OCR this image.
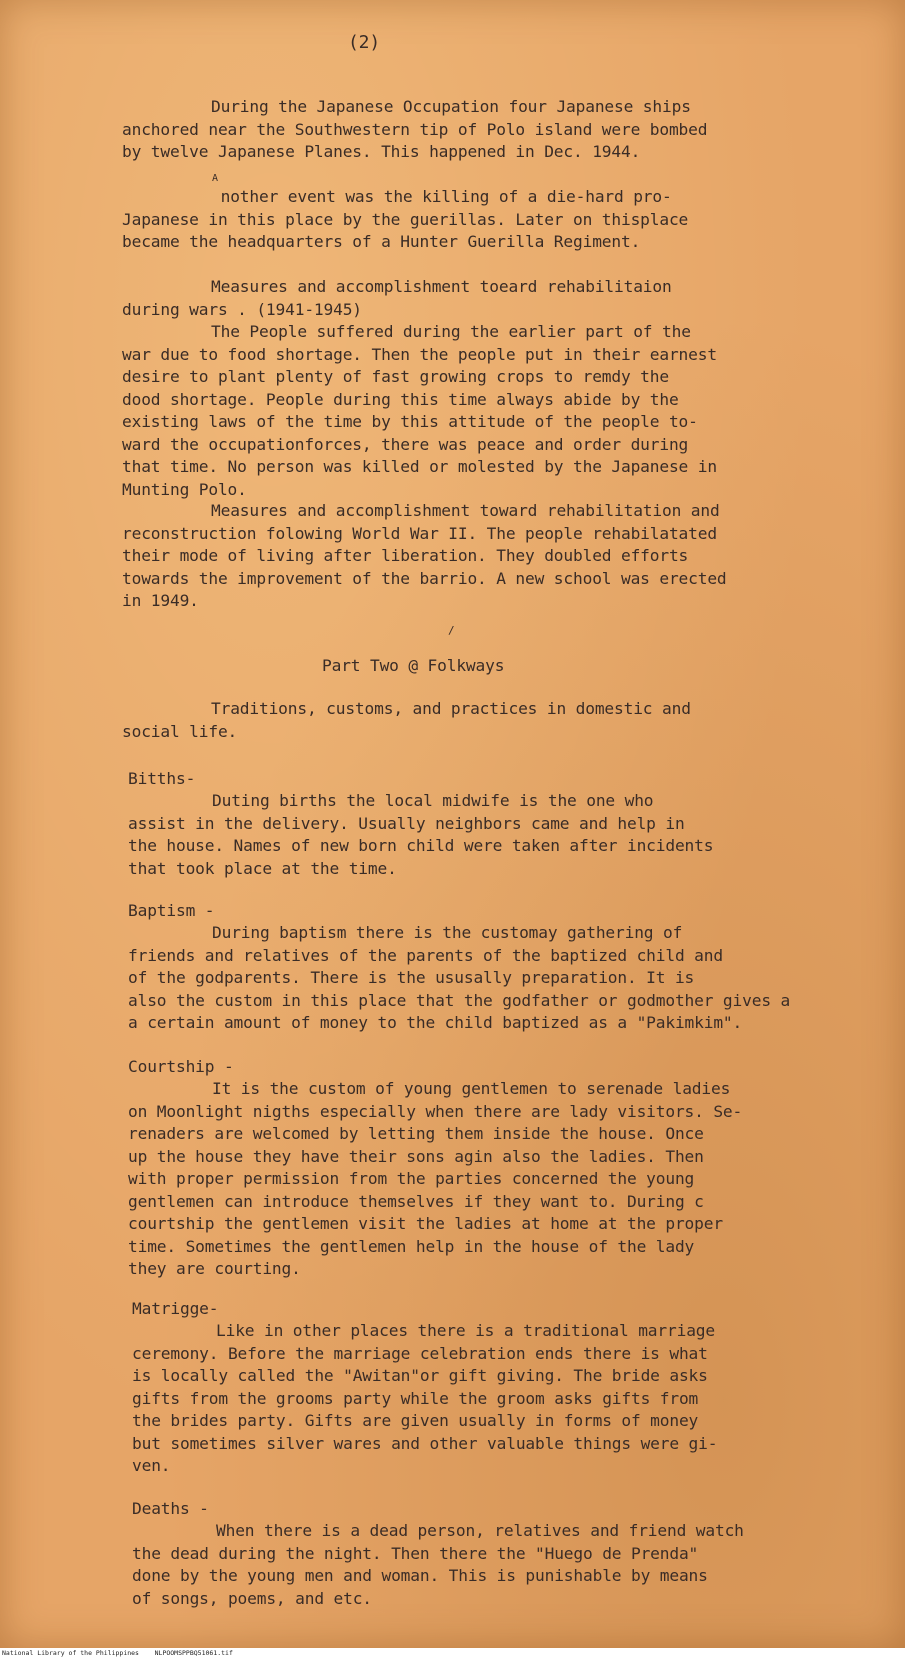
(2)
During the Japanese Occupation four Japanese ships
anchored near the Southwestern tip of Polo island were bombed
by twelve Japanese Planes. This happened in Dec. 1944.
A
nother event was the killing of a die-hard pro-
Japanese in this place by the guerillas. Later on thisplace
became the headquarters of a Hunter Guerilla Regiment.
Measures and accomplishment toeard rehabilitaion
during wars . (1941-1945)
The People suffered during the earlier part of the
war due to food shortage. Then the people put in their earnest
desire to plant plenty of fast growing crops to remdy the
dood shortage. People during this time always abide by the
existing laws of the time by this attitude of the people to-
ward the occupationforces, there was peace and order during
that time. No person was killed or molested by the Japanese in
Munting Polo.
Measures and accomplishment toward rehabilitation and
reconstruction folowing World War II. The people rehabilatated
their mode of living after liberation. They doubled efforts
towards the improvement of the barrio. A new school was erected
in 1949.
/
Part Two @ Folkways
Traditions, customs, and practices in domestic and
social life.
Bitths-
Duting births the local midwife is the one who
assist in the delivery. Usually neighbors came and help in
the house. Names of new born child were taken after incidents
that took place at the time.
Baptism -
During baptism there is the customay gathering of
friends and relatives of the parents of the baptized child and
of the godparents. There is the ususally preparation. It is
also the custom in this place that the godfather or godmother gives a
a certain amount of money to the child baptized as a "Pakimkim".
Courtship -
It is the custom of young gentlemen to serenade ladies
on Moonlight nigths especially when there are lady visitors. Se-
renaders are welcomed by letting them inside the house. Once
up the house they have their sons agin also the ladies. Then
with proper permission from the parties concerned the young
gentlemen can introduce themselves if they want to. During c
courtship the gentlemen visit the ladies at home at the proper
time. Sometimes the gentlemen help in the house of the lady
they are courting.
Matrigge-
Like in other places there is a traditional marriage
ceremony. Before the marriage celebration ends there is what
is locally called the "Awitan"or gift giving. The bride asks
gifts from the grooms party while the groom asks gifts from
the brides party. Gifts are given usually in forms of money
but sometimes silver wares and other valuable things were gi-
ven.
Deaths -
When there is a dead person, relatives and friend watch
the dead during the night. Then there the "Huego de Prenda"
done by the young men and woman. This is punishable by means
of songs, poems, and etc.
National Library of the Philippines    NLPOOMSPPBQ51061.tif
